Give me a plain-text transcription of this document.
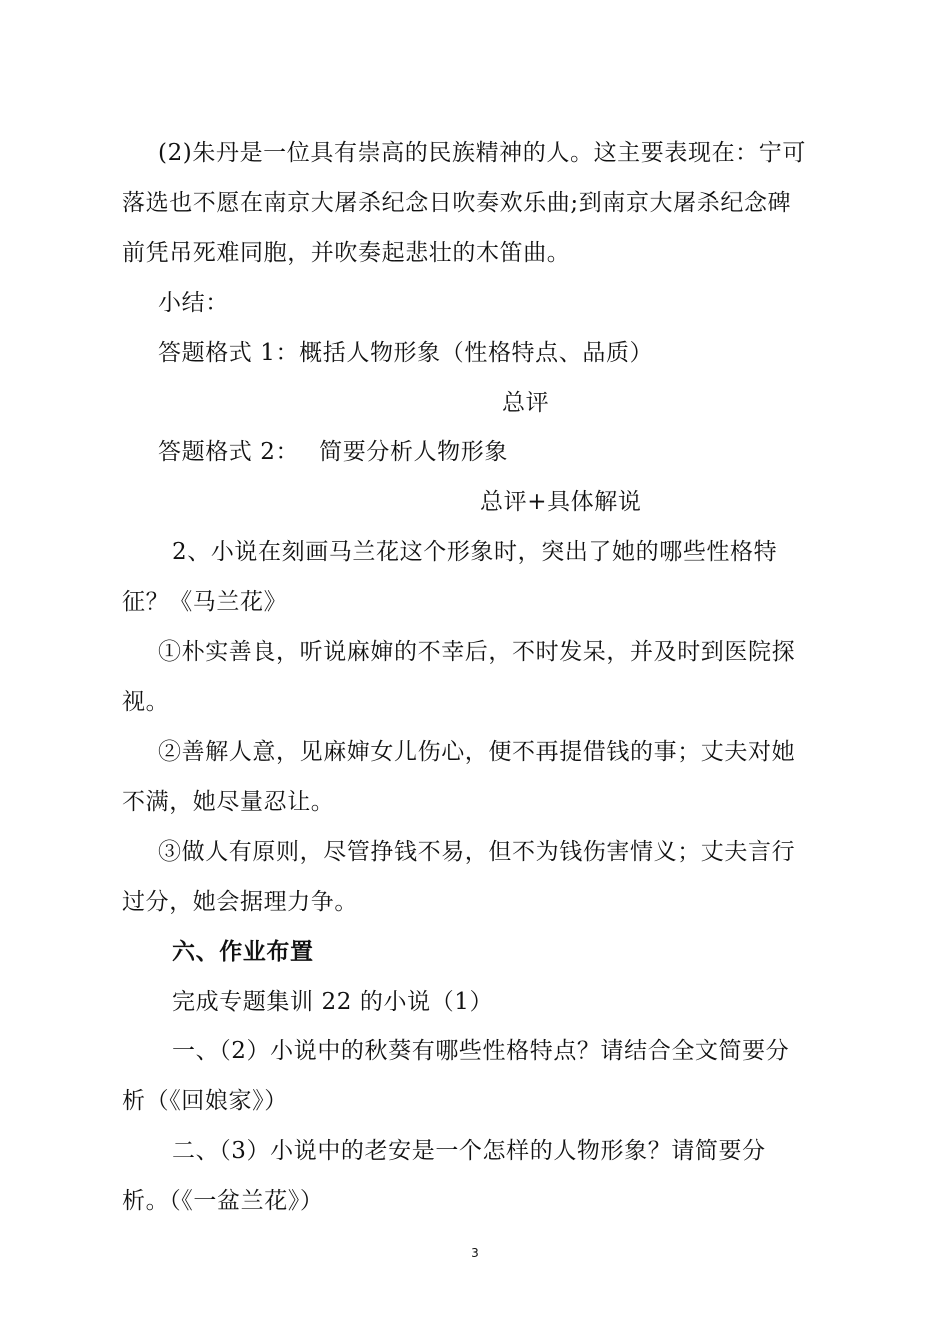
(2)朱丹是一位具有崇高的民族精神的人。这主要表现在：宁可
落选也不愿在南京大屠杀纪念日吹奏欢乐曲;到南京大屠杀纪念碑
前凭吊死难同胞，并吹奏起悲壮的木笛曲。
小结：
答题格式 1：概括人物形象（性格特点、品质）
总评
答题格式 2：　 简要分析人物形象
总评+具体解说
2、小说在刻画马兰花这个形象时，突出了她的哪些性格特
征？《马兰花》
①朴实善良，听说麻婶的不幸后，不时发呆，并及时到医院探
视。
②善解人意，见麻婶女儿伤心，便不再提借钱的事；丈夫对她
不满，她尽量忍让。
③做人有原则，尽管挣钱不易，但不为钱伤害情义；丈夫言行
过分，她会据理力争。
六、作业布置
完成专题集训 22 的小说（1）
一、（2）小说中的秋葵有哪些性格特点？请结合全文简要分
析（《回娘家》）
二、（3）小说中的老安是一个怎样的人物形象？请简要分
析。（《一盆兰花》）
3
